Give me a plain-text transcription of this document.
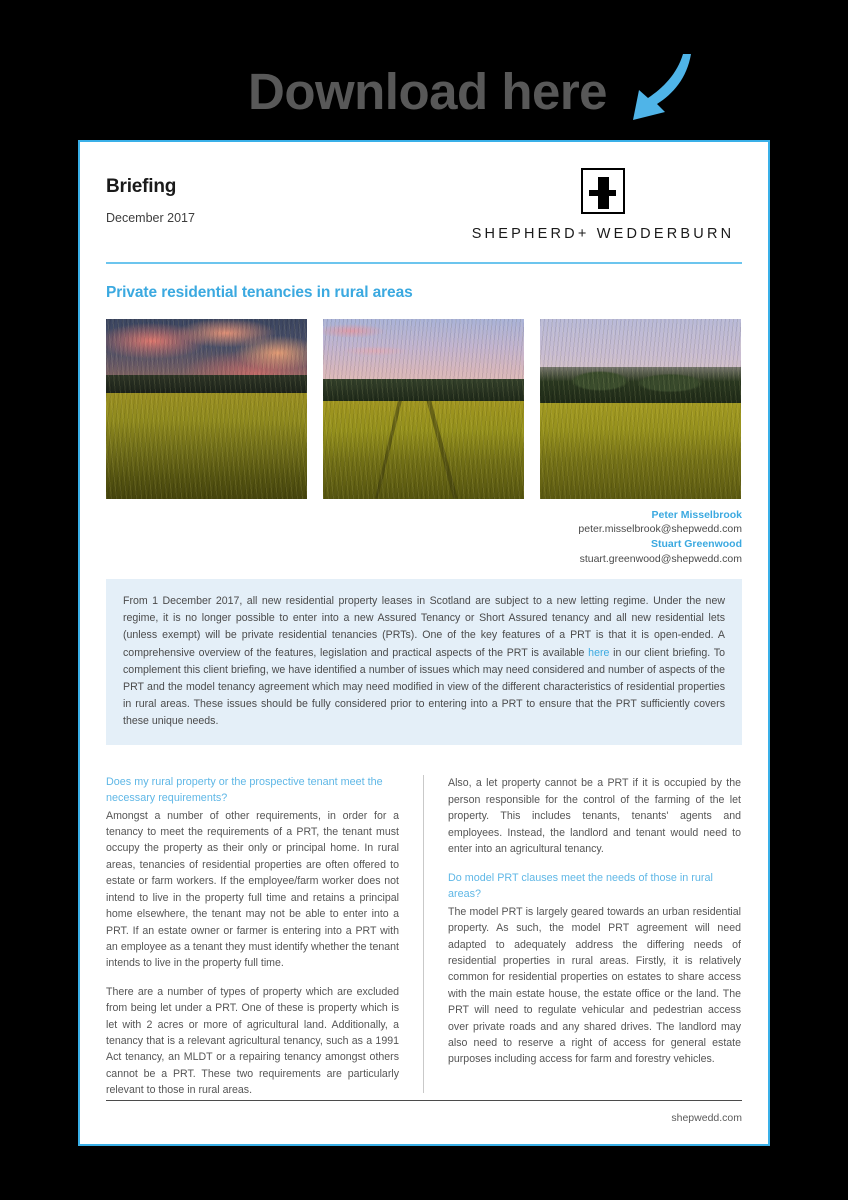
Download here
Briefing
December 2017
SHEPHERD+ WEDDERBURN
Private residential tenancies in rural areas
Peter Misselbrook
peter.misselbrook@shepwedd.com
Stuart Greenwood
stuart.greenwood@shepwedd.com

From 1 December 2017, all new residential property leases in Scotland are subject to a new letting regime. Under the new regime, it is no longer possible to enter into a new Assured Tenancy or Short Assured tenancy and all new residential lets (unless exempt) will be private residential tenancies (PRTs). One of the key features of a PRT is that it is open-ended. A comprehensive overview of the features, legislation and practical aspects of the PRT is available here in our client briefing. To complement this client briefing, we have identified a number of issues which may need considered and number of aspects of the PRT and the model tenancy agreement which may need modified in view of the different characteristics of residential properties in rural areas. These issues should be fully considered prior to entering into a PRT to ensure that the PRT sufficiently covers these unique needs.

Does my rural property or the prospective tenant meet the necessary requirements?

Amongst a number of other requirements, in order for a tenancy to meet the requirements of a PRT, the tenant must occupy the property as their only or principal home. In rural areas, tenancies of residential properties are often offered to estate or farm workers. If the employee/farm worker does not intend to live in the property full time and retains a principal home elsewhere, the tenant may not be able to enter into a PRT. If an estate owner or farmer is entering into a PRT with an employee as a tenant they must identify whether the tenant intends to live in the property full time.

There are a number of types of property which are excluded from being let under a PRT. One of these is property which is let with 2 acres or more of agricultural land. Additionally, a tenancy that is a relevant agricultural tenancy, such as a 1991 Act tenancy, an MLDT or a repairing tenancy amongst others cannot be a PRT. These two requirements are particularly relevant to those in rural areas.

Also, a let property cannot be a PRT if it is occupied by the person responsible for the control of the farming of the let property. This includes tenants, tenants' agents and employees. Instead, the landlord and tenant would need to enter into an agricultural tenancy.

Do model PRT clauses meet the needs of those in rural areas?

The model PRT is largely geared towards an urban residential property. As such, the model PRT agreement will need adapted to adequately address the differing needs of residential properties in rural areas. Firstly, it is relatively common for residential properties on estates to share access with the main estate house, the estate office or the land. The PRT will need to regulate vehicular and pedestrian access over private roads and any shared drives. The landlord may also need to reserve a right of access for general estate purposes including access for farm and forestry vehicles.

shepwedd.com
